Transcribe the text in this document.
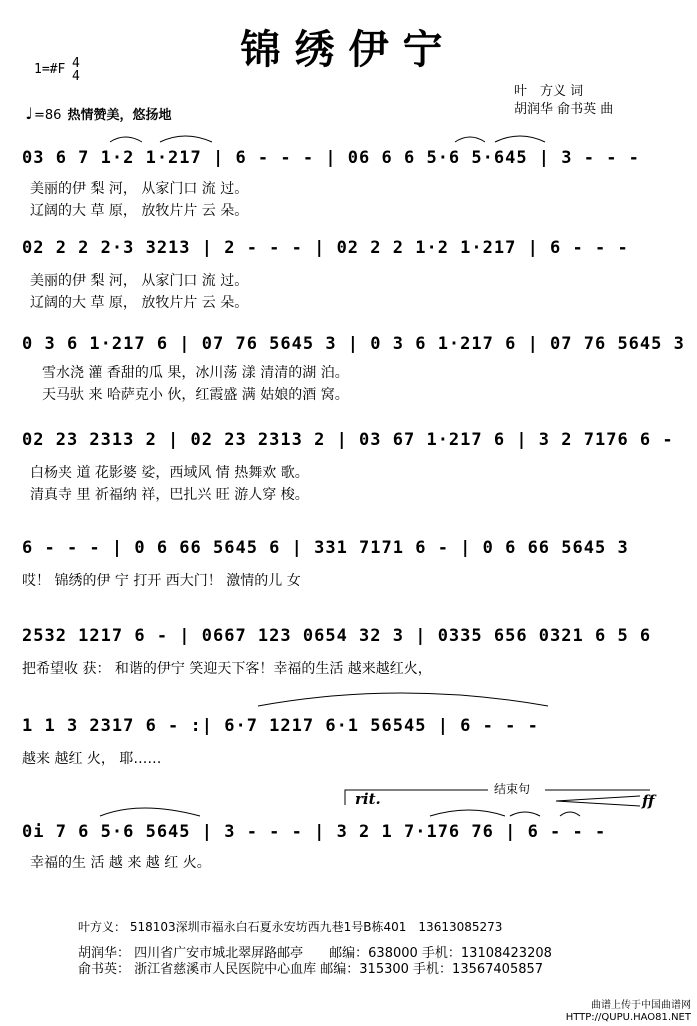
锦绣伊宁
1=#F 4
4
叶　方义 词
胡润华 俞书英 曲
♩=86 热情赞美，悠扬地
03 6 7 1·2 1·217 | 6 - - - | 06 6 6 5·6 5·645 | 3 - - -
美丽的伊 梨 河， 从家门口 流 过。
辽阔的大 草 原， 放牧片片 云 朵。
02 2 2 2·3 3213 | 2 - - - | 02 2 2 1·2 1·217 | 6 - - -
美丽的伊 梨 河， 从家门口 流 过。
辽阔的大 草 原， 放牧片片 云 朵。
0 3 6 1·217 6 | 07 76 5645 3 | 0 3 6 1·217 6 | 07 76 5645 3
雪水浇 灌 香甜的瓜 果，冰川荡 漾 清清的湖 泊。
天马驮 来 哈萨克小 伙，红霞盛 满 姑娘的酒 窝。
02 23 2313 2 | 02 23 2313 2 | 03 67 1·217 6 | 3 2 7176 6 -
白杨夹 道 花影婆 娑，西域风 情 热舞欢 歌。
清真寺 里 祈福纳 祥，巴扎兴 旺 游人穿 梭。
6 - - - | 0 6 66 5645 6 | 331 7171 6 - | 0 6 66 5645 3
哎！ 锦绣的伊 宁 打开 西大门！ 激情的儿 女
2532 1217 6 - | 0667 123 0654 32 3 | 0335 656 0321 6 5 6
把希望收 获： 和谐的伊宁 笑迎天下客！幸福的生活 越来越红火，
1 1 3 2317 6 - :| 6·7 1217 6·1 56545 | 6 - - -
越来 越红 火， 耶……
结束句
rit.	ff
0i 7 6 5·6 5645 | 3 - - - | 3 2 1 7·176 76 | 6 - - -
幸福的生 活 越 来 越 红 火。
叶方义： 518103深圳市福永白石夏永安坊西九巷1号B栋401　13613085273
胡润华： 四川省广安市城北翠屏路邮亭　　邮编：638000 手机：13108423208
俞书英： 浙江省慈溪市人民医院中心血库 邮编：315300 手机：13567405857
曲谱上传于中国曲谱网
HTTP://QUPU.HAO81.NET
